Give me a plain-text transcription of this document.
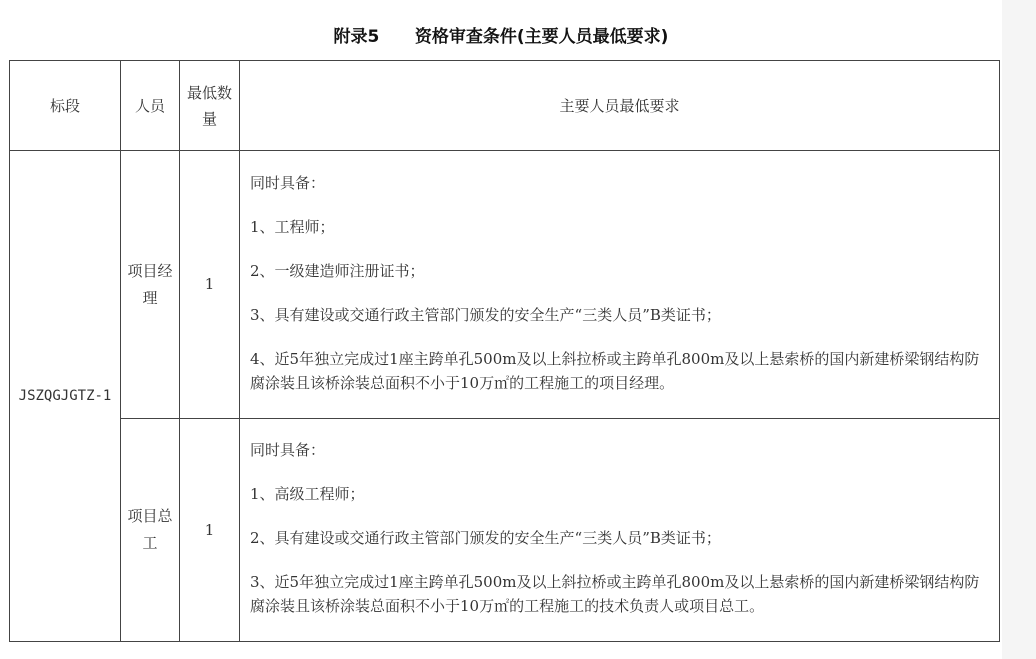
附录5      资格审查条件(主要人员最低要求)
标段	人员	最低数量	主要人员最低要求

JSZQGJGTZ-1	项目经理	1	同时具备：

1、工程师；

2、一级建造师注册证书；

3、具有建设或交通行政主管部门颁发的安全生产“三类人员”B类证书；

4、近5年独立完成过1座主跨单孔500m及以上斜拉桥或主跨单孔800m及以上悬索桥的国内新建桥梁钢结构防腐涂装且该桥涂装总面积不小于10万㎡的工程施工的项目经理。

	项目总工	1	同时具备：

1、高级工程师；

2、具有建设或交通行政主管部门颁发的安全生产“三类人员”B类证书；

3、近5年独立完成过1座主跨单孔500m及以上斜拉桥或主跨单孔800m及以上悬索桥的国内新建桥梁钢结构防腐涂装且该桥涂装总面积不小于10万㎡的工程施工的技术负责人或项目总工。
